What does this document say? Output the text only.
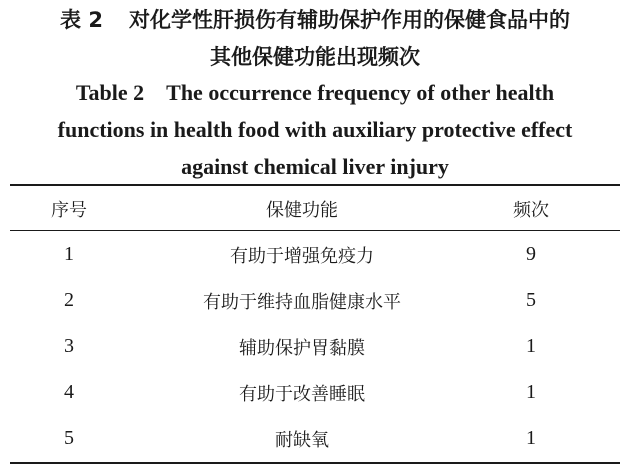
表 2 对化学性肝损伤有辅助保护作用的保健食品中的

其他保健功能出现频次

Table 2 The occurrence frequency of other health

functions in health food with auxiliary protective effect

against chemical liver injury

序号	保健功能	频次
1	有助于增强免疫力	9
2	有助于维持血脂健康水平	5
3	辅助保护胃黏膜	1
4	有助于改善睡眠	1
5	耐缺氧	1
